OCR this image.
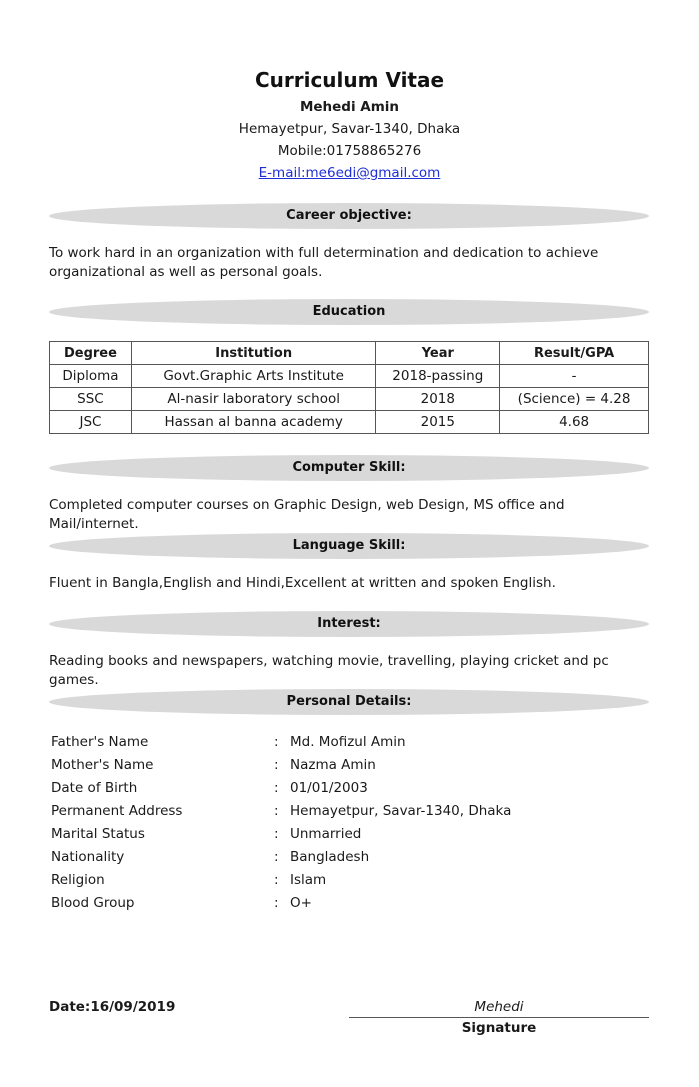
Curriculum Vitae
Mehedi Amin
Hemayetpur, Savar-1340, Dhaka
Mobile:01758865276
E-mail:me6edi@gmail.com
Career objective:
To work hard in an organization with full determination and dedication to achieve organizational as well as personal goals.
Education
Degree	Institution	Year	Result/GPA
Diploma	Govt.Graphic Arts Institute	2018-passing	-
SSC	Al-nasir laboratory school	2018	(Science) = 4.28
JSC	Hassan al banna academy	2015	4.68
Computer Skill:
Completed computer courses on Graphic Design, web Design, MS office and Mail/internet.
Language Skill:
Fluent in Bangla,English and Hindi,Excellent at written and spoken English.
Interest:
Reading books and newspapers, watching movie, travelling, playing cricket and pc games.
Personal Details:
Father's Name	: Md. Mofizul Amin
Mother's Name	: Nazma Amin
Date of Birth	: 01/01/2003
Permanent Address	: Hemayetpur, Savar-1340, Dhaka
Marital Status	: Unmarried
Nationality	: Bangladesh
Religion	: Islam
Blood Group	: O+
Date:16/09/2019	Mehedi
Signature
